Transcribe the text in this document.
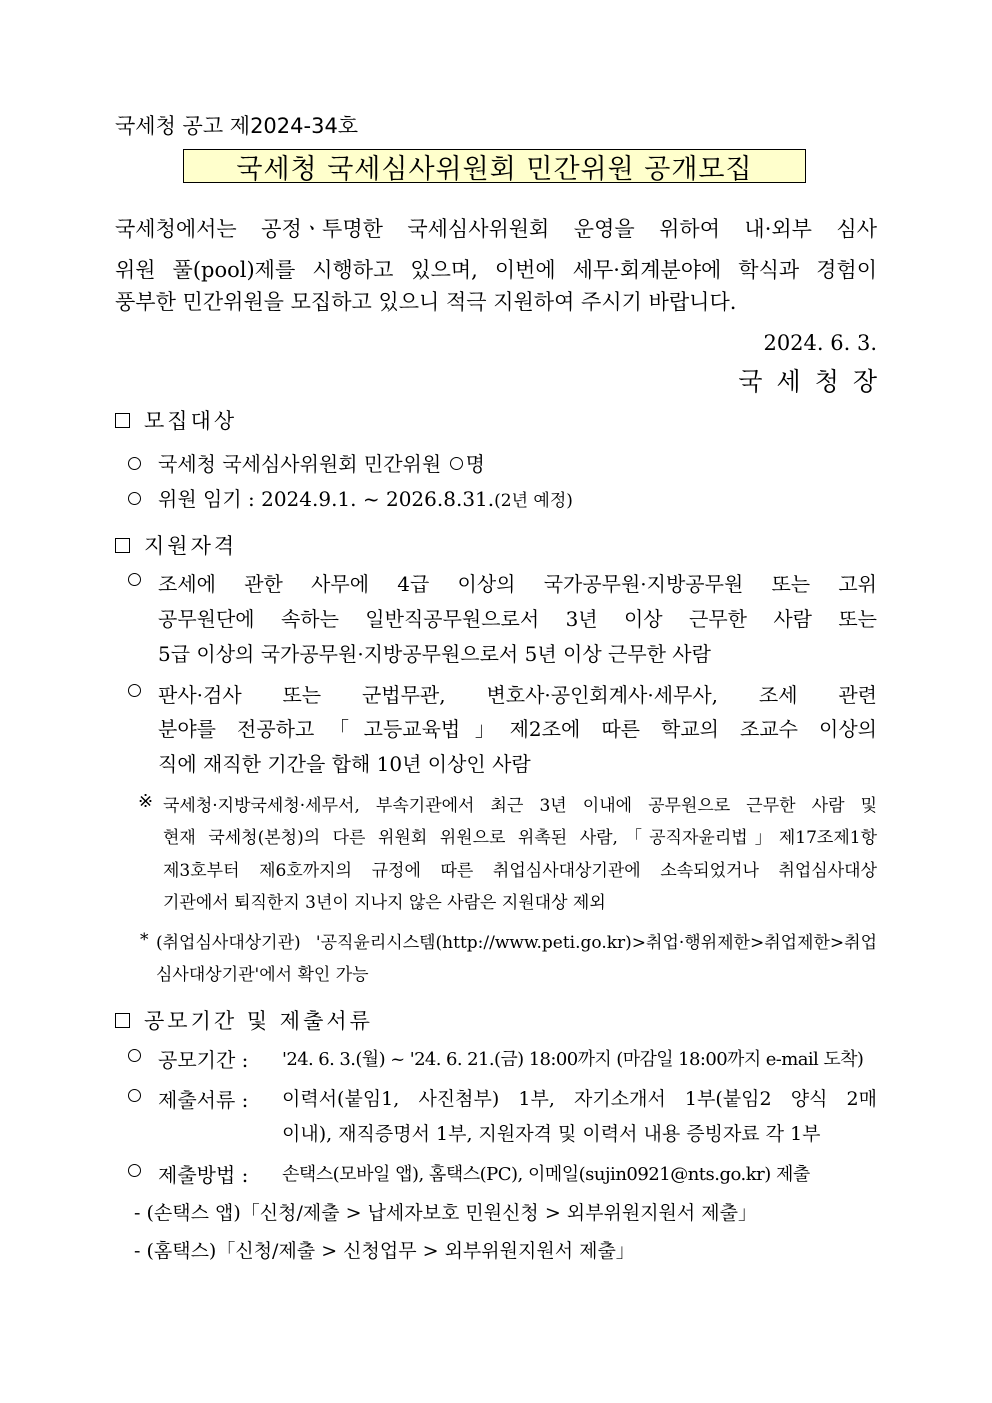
국세청 공고 제2024-34호
국세청 국세심사위원회 민간위원 공개모집
국세청에서는 공정ㆍ투명한 국세심사위원회 운영을 위하여 내·외부 심사
위원 풀(pool)제를 시행하고 있으며, 이번에 세무·회계분야에 학식과 경험이
풍부한 민간위원을 모집하고 있으니 적극 지원하여 주시기 바랍니다.
2024. 6. 3.
국세청장
모집대상
국세청 국세심사위원회 민간위원 명
위원 임기 : 2024.9.1. ~ 2026.8.31.(2년 예정)
지원자격
조세에 관한 사무에 4급 이상의 국가공무원·지방공무원 또는 고위
공무원단에 속하는 일반직공무원으로서 3년 이상 근무한 사람 또는
5급 이상의 국가공무원·지방공무원으로서 5년 이상 근무한 사람
판사·검사 또는 군법무관, 변호사·공인회계사·세무사, 조세 관련
분야를 전공하고「고등교육법」제2조에 따른 학교의 조교수 이상의
직에 재직한 기간을 합해 10년 이상인 사람
※ 국세청·지방국세청·세무서, 부속기관에서 최근 3년 이내에 공무원으로 근무한 사람 및
현재 국세청(본청)의 다른 위원회 위원으로 위촉된 사람,「공직자윤리법」제17조제1항
제3호부터 제6호까지의 규정에 따른 취업심사대상기관에 소속되었거나 취업심사대상
기관에서 퇴직한지 3년이 지나지 않은 사람은 지원대상 제외
* (취업심사대상기관) '공직윤리시스템(http://www.peti.go.kr)>취업·행위제한>취업제한>취업
심사대상기관'에서 확인 가능
공모기간 및 제출서류
공모기간 : '24. 6. 3.(월) ~ '24. 6. 21.(금) 18:00까지 (마감일 18:00까지 e-mail 도착)
제출서류 : 이력서(붙임1, 사진첨부) 1부, 자기소개서 1부(붙임2 양식 2매
이내), 재직증명서 1부, 지원자격 및 이력서 내용 증빙자료 각 1부
제출방법 : 손택스(모바일 앱), 홈택스(PC), 이메일(sujin0921@nts.go.kr) 제출
- (손택스 앱)「신청/제출 > 납세자보호 민원신청 > 외부위원지원서 제출」
- (홈택스)「신청/제출 > 신청업무 > 외부위원지원서 제출」
